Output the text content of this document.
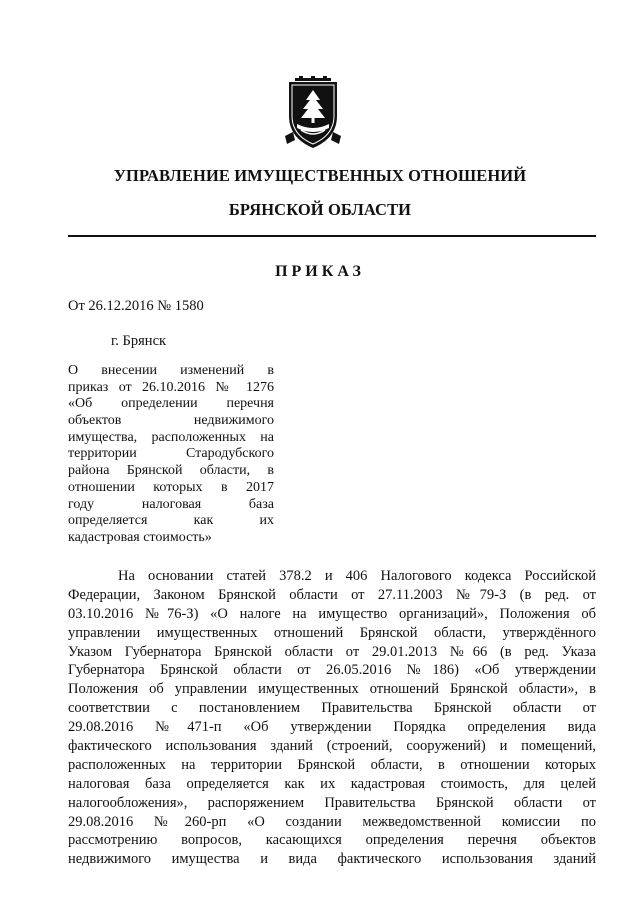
УПРАВЛЕНИЕ ИМУЩЕСТВЕННЫХ ОТНОШЕНИЙ
БРЯНСКОЙ ОБЛАСТИ
ПРИКАЗ
От 26.12.2016 № 1580
г. Брянск
О внесении изменений в
приказ от 26.10.2016 № 1276
«Об определении перечня
объектов недвижимого
имущества, расположенных на
территории Стародубского
района Брянской области, в
отношении которых в 2017
году налоговая база
определяется как их
кадастровая стоимость»
На основании статей 378.2 и 406 Налогового кодекса Российской
Федерации, Законом Брянской области от 27.11.2003 №79-З (в ред. от
03.10.2016 №76-З) «О налоге на имущество организаций», Положения об
управлении имущественных отношений Брянской области, утверждённого
Указом Губернатора Брянской области от 29.01.2013 №66 (в ред. Указа
Губернатора Брянской области от 26.05.2016 №186) «Об утверждении
Положения об управлении имущественных отношений Брянской области», в
соответствии с постановлением Правительства Брянской области от
29.08.2016 №471-п «Об утверждении Порядка определения вида
фактического использования зданий (строений, сооружений) и помещений,
расположенных на территории Брянской области, в отношении которых
налоговая база определяется как их кадастровая стоимость, для целей
налогообложения», распоряжением Правительства Брянской области от
29.08.2016 №260-рп «О создании межведомственной комиссии по
рассмотрению вопросов, касающихся определения перечня объектов
недвижимого имущества и вида фактического использования зданий
